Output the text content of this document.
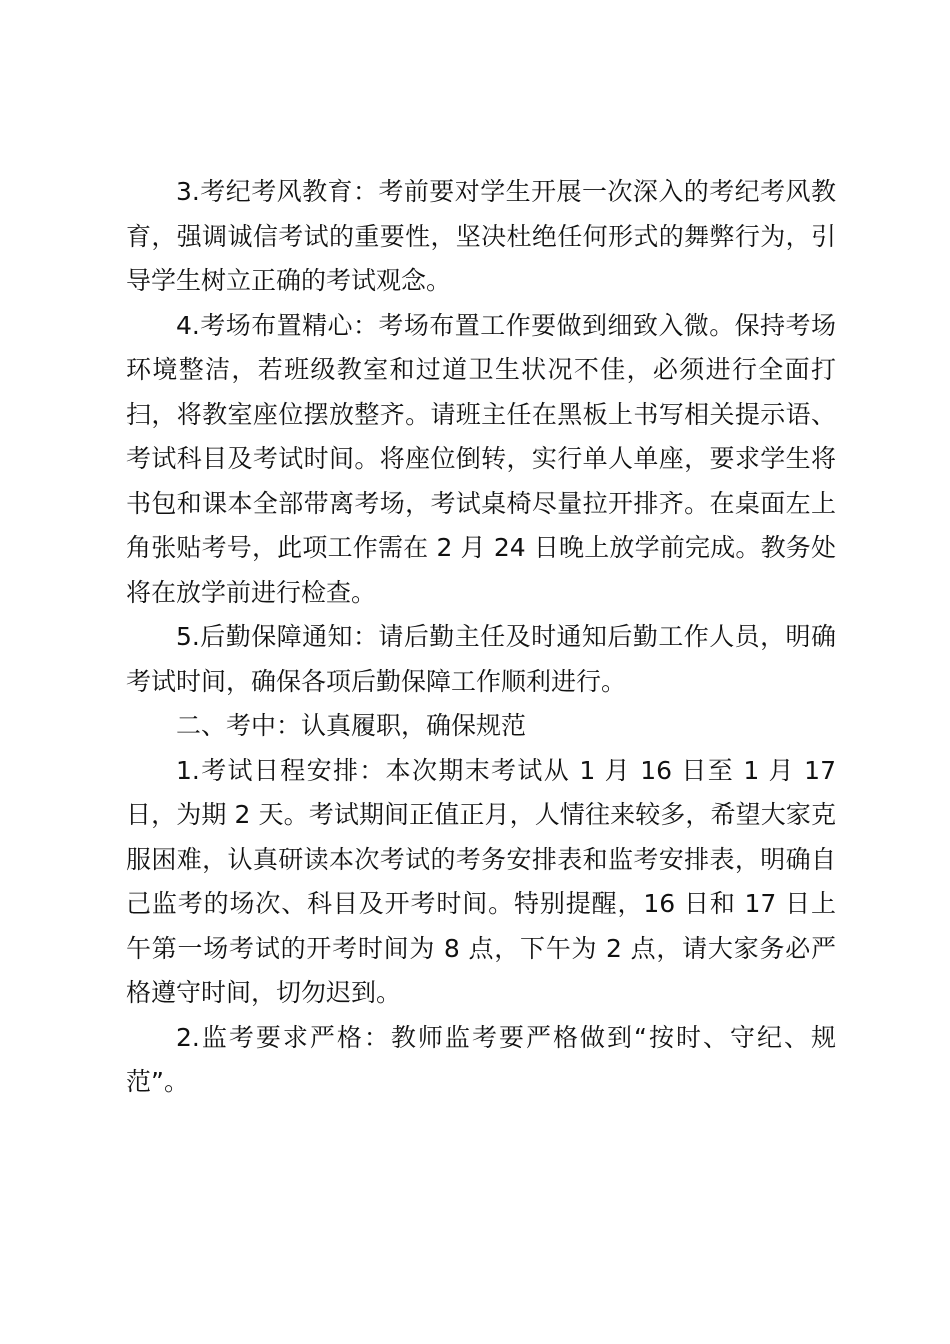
3.考纪考风教育：考前要对学生开展一次深入的考纪考风教育，强调诚信考试的重要性，坚决杜绝任何形式的舞弊行为，引导学生树立正确的考试观念。

4.考场布置精心：考场布置工作要做到细致入微。保持考场环境整洁，若班级教室和过道卫生状况不佳，必须进行全面打扫，将教室座位摆放整齐。请班主任在黑板上书写相关提示语、考试科目及考试时间。将座位倒转，实行单人单座，要求学生将书包和课本全部带离考场，考试桌椅尽量拉开排齐。在桌面左上角张贴考号，此项工作需在 2 月 24 日晚上放学前完成。教务处将在放学前进行检查。

5.后勤保障通知：请后勤主任及时通知后勤工作人员，明确考试时间，确保各项后勤保障工作顺利进行。

二、考中：认真履职，确保规范

1.考试日程安排：本次期末考试从 1 月 16 日至 1 月 17 日，为期 2 天。考试期间正值正月，人情往来较多，希望大家克服困难，认真研读本次考试的考务安排表和监考安排表，明确自己监考的场次、科目及开考时间。特别提醒，16 日和 17 日上午第一场考试的开考时间为 8 点，下午为 2 点，请大家务必严格遵守时间，切勿迟到。

2.监考要求严格：教师监考要严格做到“按时、守纪、规范”。
